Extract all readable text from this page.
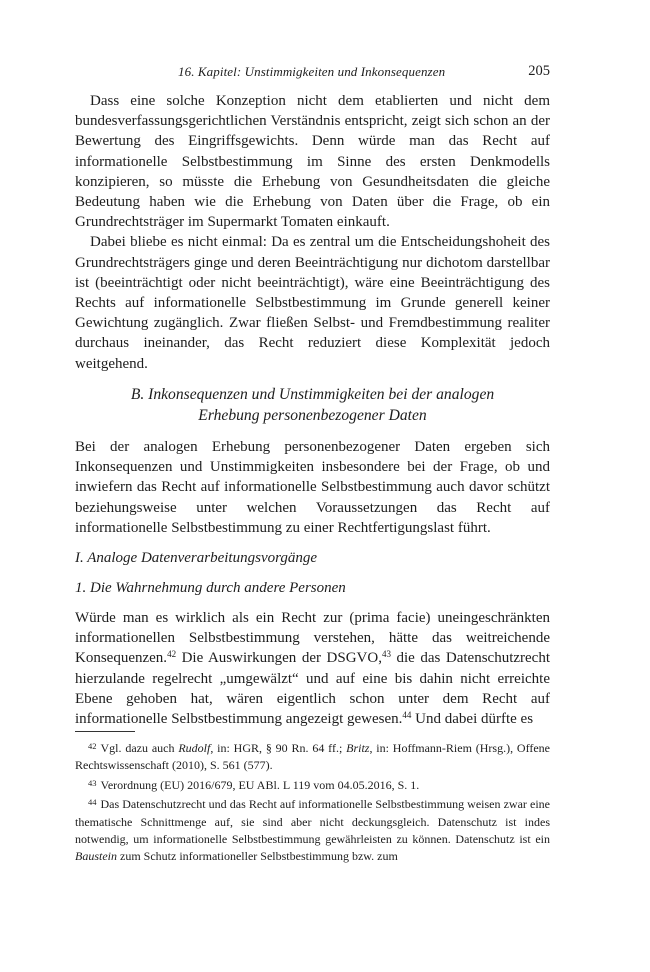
16. Kapitel: Unstimmigkeiten und Inkonsequenzen	205

Dass eine solche Konzeption nicht dem etablierten und nicht dem bundesverfassungsgerichtlichen Verständnis entspricht, zeigt sich schon an der Bewertung des Eingriffsgewichts. Denn würde man das Recht auf informationelle Selbstbestimmung im Sinne des ersten Denkmodells konzipieren, so müsste die Erhebung von Gesundheitsdaten die gleiche Bedeutung haben wie die Erhebung von Daten über die Frage, ob ein Grundrechtsträger im Supermarkt Tomaten einkauft.

Dabei bliebe es nicht einmal: Da es zentral um die Entscheidungshoheit des Grundrechtsträgers ginge und deren Beeinträchtigung nur dichotom darstellbar ist (beeinträchtigt oder nicht beeinträchtigt), wäre eine Beeinträchtigung des Rechts auf informationelle Selbstbestimmung im Grunde generell keiner Gewichtung zugänglich. Zwar fließen Selbst- und Fremdbestimmung realiter durchaus ineinander, das Recht reduziert diese Komplexität jedoch weitgehend.

B. Inkonsequenzen und Unstimmigkeiten bei der analogen

Erhebung personenbezogener Daten

Bei der analogen Erhebung personenbezogener Daten ergeben sich Inkonsequenzen und Unstimmigkeiten insbesondere bei der Frage, ob und inwiefern das Recht auf informationelle Selbstbestimmung auch davor schützt beziehungsweise unter welchen Voraussetzungen das Recht auf informationelle Selbstbestimmung zu einer Rechtfertigungslast führt.

I. Analoge Datenverarbeitungsvorgänge

1. Die Wahrnehmung durch andere Personen

Würde man es wirklich als ein Recht zur (prima facie) uneingeschränkten informationellen Selbstbestimmung verstehen, hätte das weitreichende Konsequenzen.$^{42}$ Die Auswirkungen der DSGVO,$^{43}$ die das Datenschutzrecht hierzulande regelrecht „umgewälzt“ und auf eine bis dahin nicht erreichte Ebene gehoben hat, wären eigentlich schon unter dem Recht auf informationelle Selbstbestimmung angezeigt gewesen.$^{44}$ Und dabei dürfte es

$^{42}$ Vgl. dazu auch Rudolf, in: HGR, § 90 Rn. 64 ff.; Britz, in: Hoffmann-Riem (Hrsg.), Offene Rechtswissenschaft (2010), S. 561 (577).

$^{43}$ Verordnung (EU) 2016/679, EU ABl. L 119 vom 04.05.2016, S. 1.

$^{44}$ Das Datenschutzrecht und das Recht auf informationelle Selbstbestimmung weisen zwar eine thematische Schnittmenge auf, sie sind aber nicht deckungsgleich. Datenschutz ist indes notwendig, um informationelle Selbstbestimmung gewährleisten zu können. Datenschutz ist ein Baustein zum Schutz informationeller Selbstbestimmung bzw. zum
